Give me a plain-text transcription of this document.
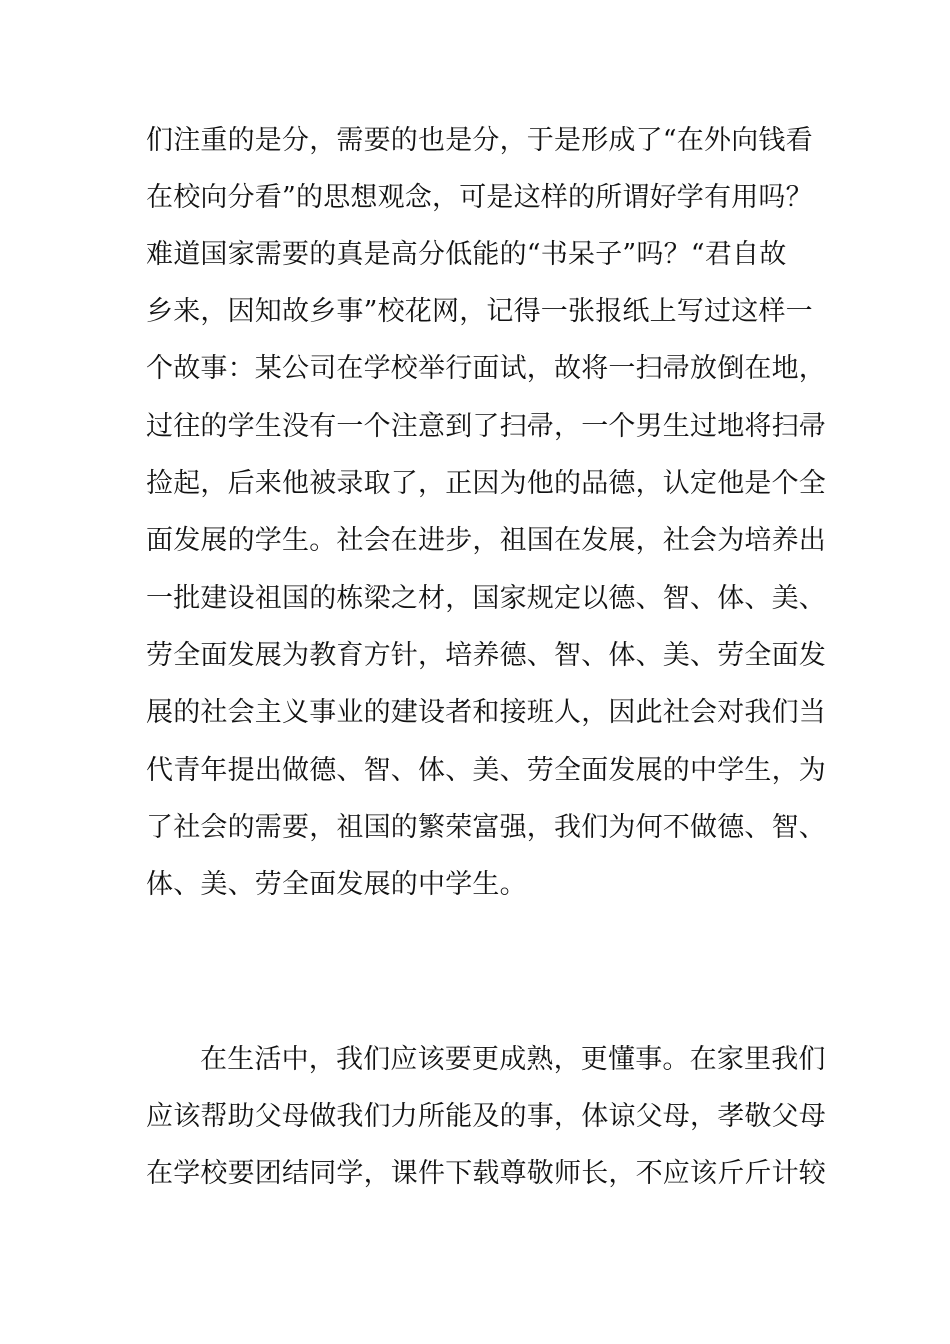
们注重的是分，需要的也是分，于是形成了“在外向钱看
在校向分看”的思想观念，可是这样的所谓好学有用吗？
难道国家需要的真是高分低能的“书呆子”吗？“君自故
乡来，因知故乡事”校花网，记得一张报纸上写过这样一
个故事：某公司在学校举行面试，故将一扫帚放倒在地，
过往的学生没有一个注意到了扫帚，一个男生过地将扫帚
捡起，后来他被录取了，正因为他的品德，认定他是个全
面发展的学生。社会在进步，祖国在发展，社会为培养出
一批建设祖国的栋梁之材，国家规定以德、智、体、美、
劳全面发展为教育方针，培养德、智、体、美、劳全面发
展的社会主义事业的建设者和接班人，因此社会对我们当
代青年提出做德、智、体、美、劳全面发展的中学生，为
了社会的需要，祖国的繁荣富强，我们为何不做德、智、
体、美、劳全面发展的中学生。
在生活中，我们应该要更成熟，更懂事。在家里我们
应该帮助父母做我们力所能及的事，体谅父母，孝敬父母
在学校要团结同学，课件下载尊敬师长，不应该斤斤计较
